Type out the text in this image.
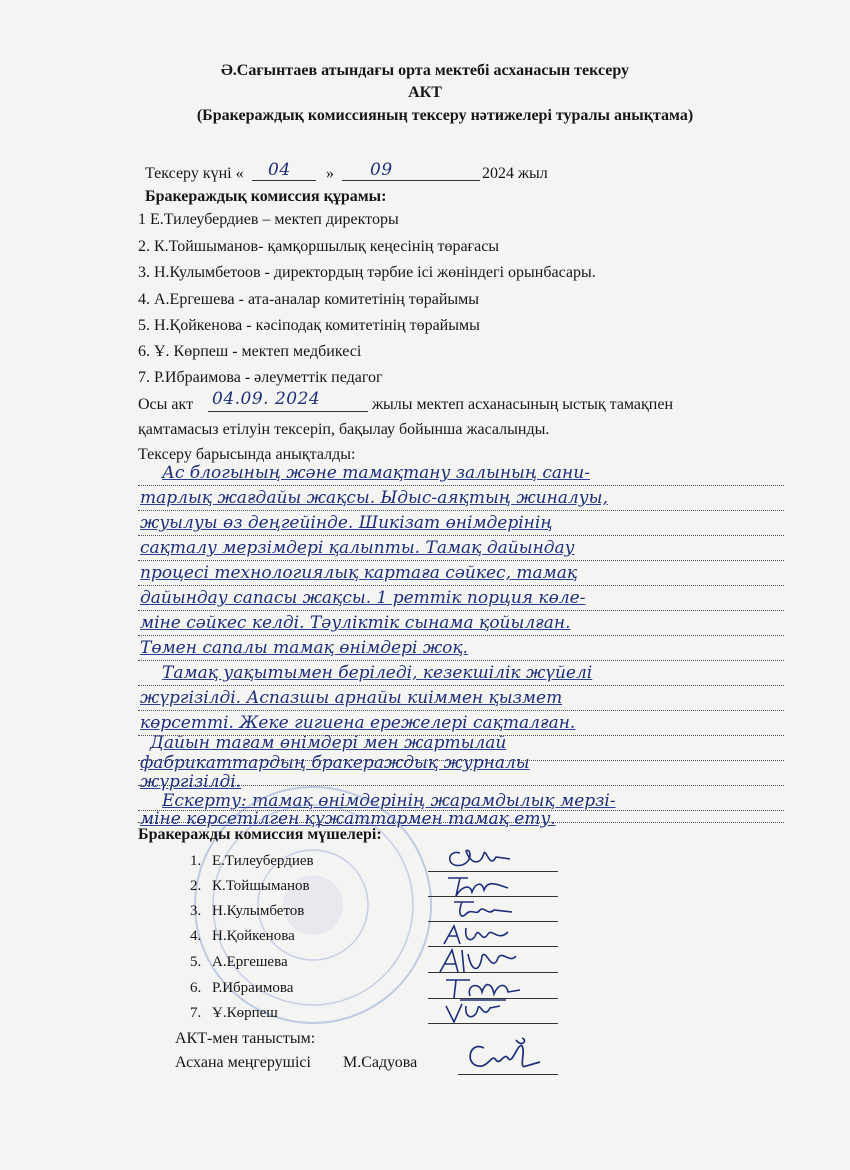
Ә.Сағынтаев атындағы орта мектебі асханасын тексеру
АКТ
(Бракераждық комиссияның тексеру нәтижелері туралы анықтама)
Тексеру күні « 04 » 09	2024 жыл
Бракераждық комиссия құрамы:
1 Е.Тилеубердиев – мектеп директоры
2. К.Тойшыманов- қамқоршылық кеңесінің төрағасы
3. Н.Кулымбетоов - директордың тәрбие ісі жөніндегі орынбасары.
4. А.Ергешева - ата-аналар комитетінің төрайымы
5. Н.Қойкенова - кәсіподақ комитетінің төрайымы
6. Ұ. Көрпеш - мектеп медбикесі
7. Р.Ибраимова - әлеуметтік педагог
Осы акт 04.09. 2024	жылы мектеп асханасының ыстық тамақпен
қамтамасыз етілуін тексеріп, бақылау бойынша жасалынды.
Тексеру барысында анықталды:
Ас блогының және тамақтану залының сани-
тарлық жағдайы жақсы. Ыдыс-аяқтың жиналуы,
жуылуы өз деңгейінде. Шикізат өнімдерінің
сақталу мерзімдері қалыпты. Тамақ дайындау
процесі технологиялық картаға сәйкес, тамақ
дайындау сапасы жақсы. 1 реттік порция көле-
міне сәйкес келді. Тәуліктік сынама қойылған.
Төмен сапалы тамақ өнімдері жоқ.
Тамақ уақытымен беріледі, кезекшілік жүйелі
жүргізілді. Аспазшы арнайы киіммен қызмет
көрсетті. Жеке гигиена ережелері сақталған.
Дайын тағам өнімдері мен жартылай
фабрикаттардың бракераждық журналы
жүргізілді.
Ескерту: тамақ өнімдерінің жарамдылық мерзі-
міне көрсетілген құжаттармен тамақ ету.
Бракеражды комиссия мүшелері:
1. Е.Тилеубердиев
2. К.Тойшыманов
3. Н.Кулымбетов
4. Н.Қойкенова
5. А.Ергешева
6. Р.Ибраимова
7. Ұ.Көрпеш
АКТ-мен таныстым:
Асхана меңгерушісі М.Садуова
